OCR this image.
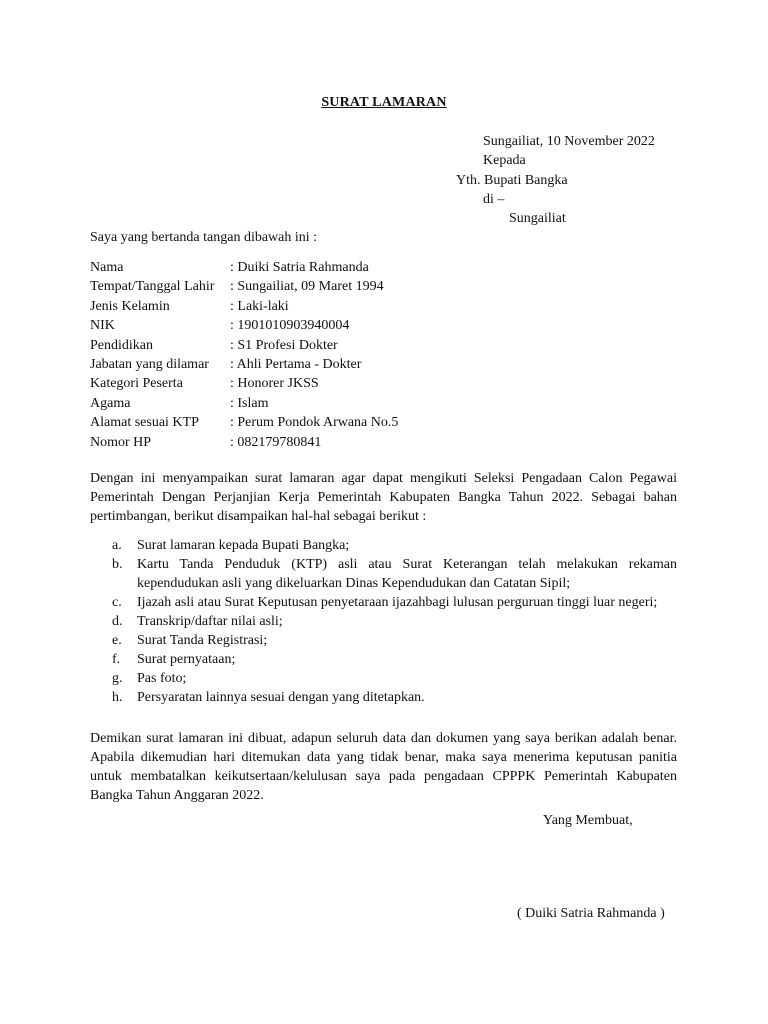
SURAT LAMARAN
Sungailiat, 10 November 2022
Kepada
Yth. Bupati Bangka
di –
Sungailiat
Saya yang bertanda tangan dibawah ini :
Nama	: Duiki Satria Rahmanda
Tempat/Tanggal Lahir	: Sungailiat, 09 Maret 1994
Jenis Kelamin	: Laki-laki
NIK	: 1901010903940004
Pendidikan	: S1 Profesi Dokter
Jabatan yang dilamar	: Ahli Pertama - Dokter
Kategori Peserta	: Honorer JKSS
Agama	: Islam
Alamat sesuai KTP	: Perum Pondok Arwana No.5
Nomor HP	: 082179780841
Dengan ini menyampaikan surat lamaran agar dapat mengikuti Seleksi Pengadaan Calon Pegawai Pemerintah Dengan Perjanjian Kerja Pemerintah Kabupaten Bangka Tahun 2022. Sebagai bahan pertimbangan, berikut disampaikan hal-hal sebagai berikut :
a.	Surat lamaran kepada Bupati Bangka;
b.	Kartu Tanda Penduduk (KTP) asli atau Surat Keterangan telah melakukan rekaman kependudukan asli yang dikeluarkan Dinas Kependudukan dan Catatan Sipil;
c.	Ijazah asli atau Surat Keputusan penyetaraan ijazahbagi lulusan perguruan tinggi luar negeri;
d.	Transkrip/daftar nilai asli;
e.	Surat Tanda Registrasi;
f.	Surat pernyataan;
g.	Pas foto;
h.	Persyaratan lainnya sesuai dengan yang ditetapkan.
Demikan surat lamaran ini dibuat, adapun seluruh data dan dokumen yang saya berikan adalah benar. Apabila dikemudian hari ditemukan data yang tidak benar, maka saya menerima keputusan panitia untuk membatalkan keikutsertaan/kelulusan saya pada pengadaan CPPPK Pemerintah Kabupaten Bangka Tahun Anggaran 2022.
Yang Membuat,
( Duiki Satria Rahmanda )
